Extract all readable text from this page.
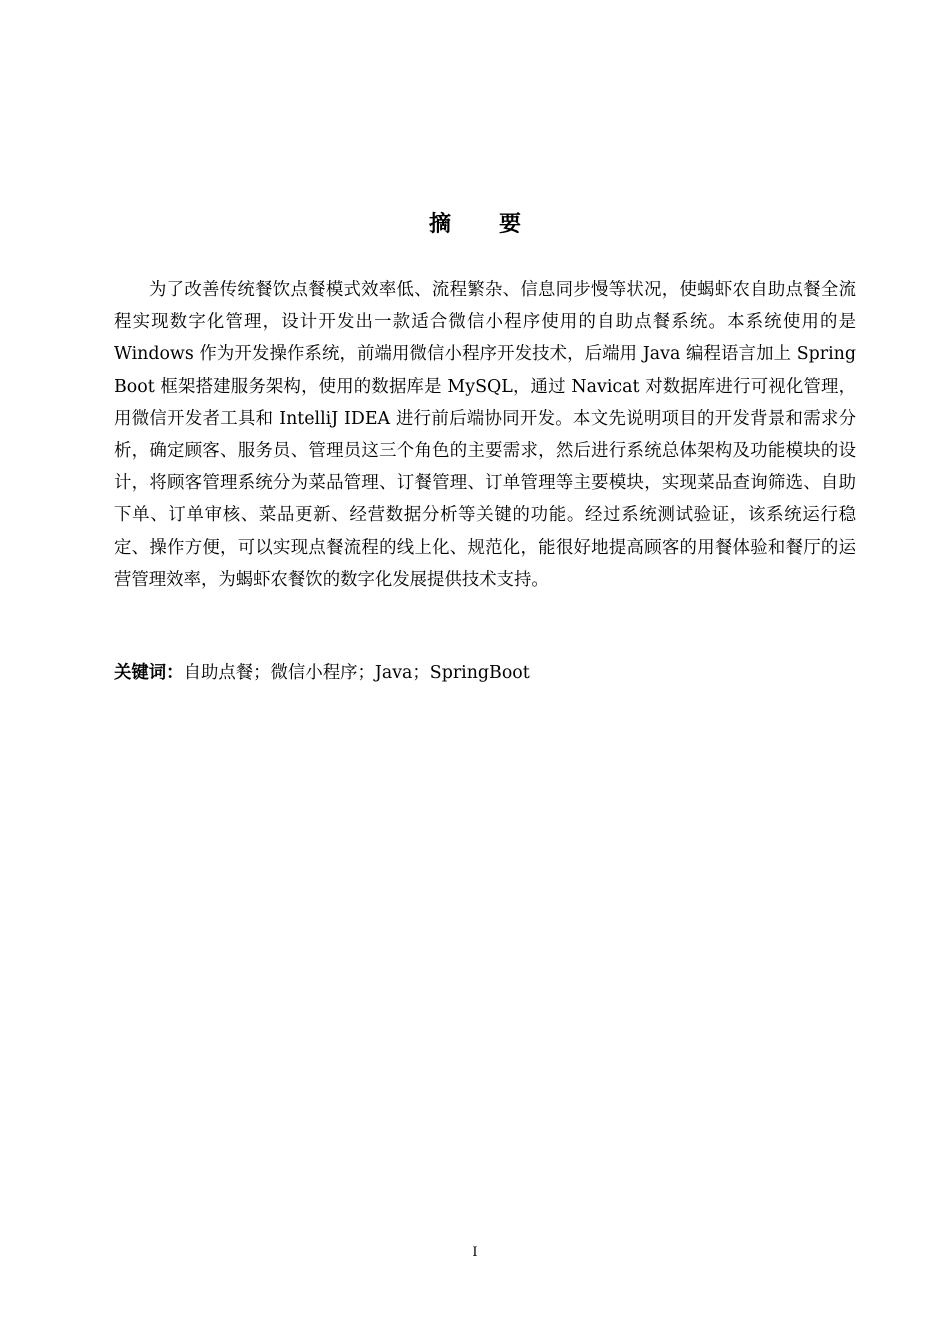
摘 要

为了改善传统餐饮点餐模式效率低、流程繁杂、信息同步慢等状况，使蝎虾农自助点餐全流程实现数字化管理，设计开发出一款适合微信小程序使用的自助点餐系统。本系统使用的是 Windows 作为开发操作系统，前端用微信小程序开发技术，后端用 Java 编程语言加上 Spring Boot 框架搭建服务架构，使用的数据库是 MySQL，通过 Navicat 对数据库进行可视化管理，用微信开发者工具和 IntelliJ IDEA 进行前后端协同开发。本文先说明项目的开发背景和需求分析，确定顾客、服务员、管理员这三个角色的主要需求，然后进行系统总体架构及功能模块的设计，将顾客管理系统分为菜品管理、订餐管理、订单管理等主要模块，实现菜品查询筛选、自助下单、订单审核、菜品更新、经营数据分析等关键的功能。经过系统测试验证，该系统运行稳定、操作方便，可以实现点餐流程的线上化、规范化，能很好地提高顾客的用餐体验和餐厅的运营管理效率，为蝎虾农餐饮的数字化发展提供技术支持。

关键词：自助点餐；微信小程序；Java；SpringBoot

I
